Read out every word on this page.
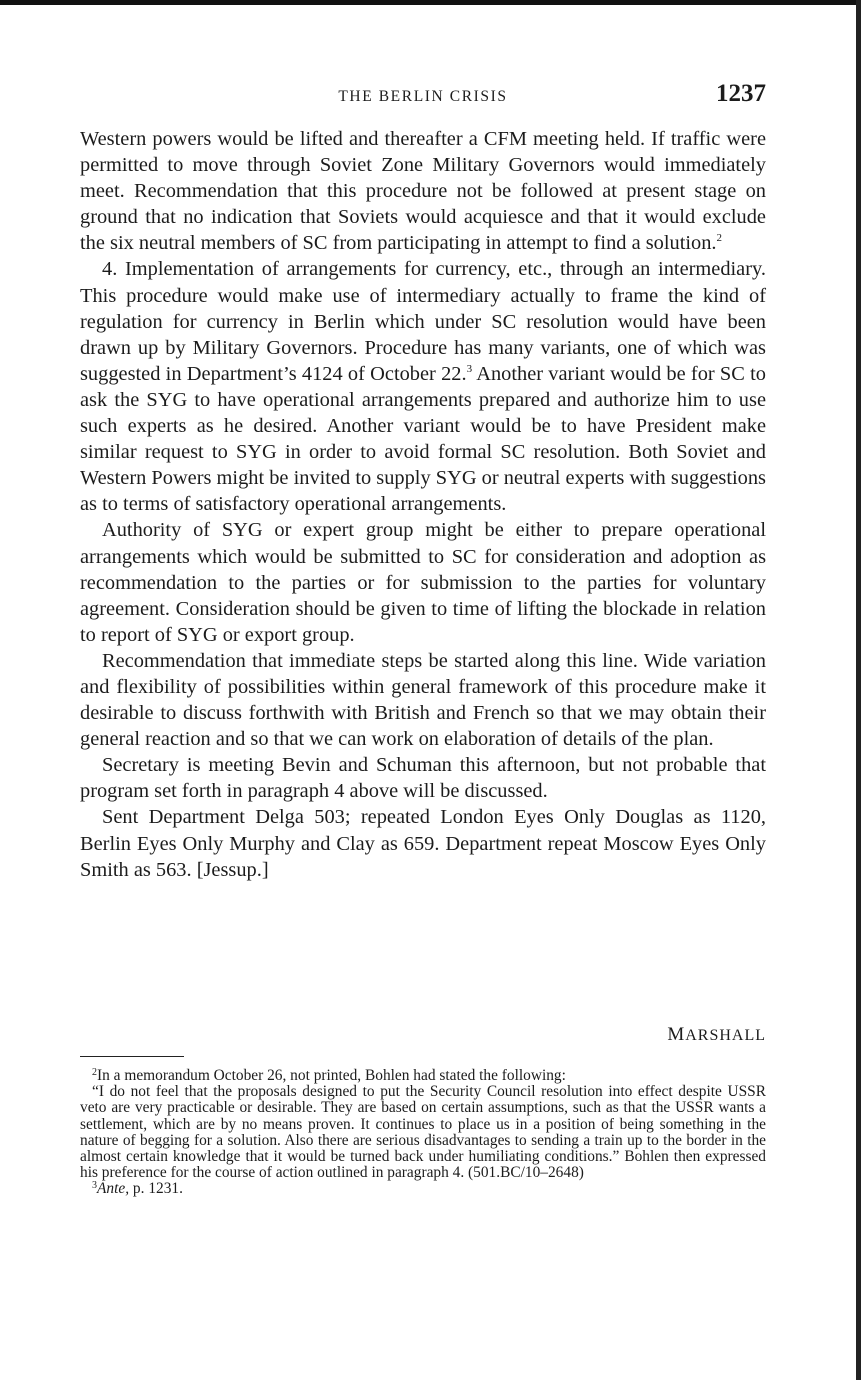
THE BERLIN CRISIS	1237

Western powers would be lifted and thereafter a CFM meeting held. If traffic were permitted to move through Soviet Zone Military Governors would immediately meet. Recommendation that this procedure not be followed at present stage on ground that no indication that Soviets would acquiesce and that it would exclude the six neutral members of SC from participating in attempt to find a solution.$^2$

4. Implementation of arrangements for currency, etc., through an intermediary. This procedure would make use of intermediary actually to frame the kind of regulation for currency in Berlin which under SC resolution would have been drawn up by Military Governors. Procedure has many variants, one of which was suggested in Department’s 4124 of October 22.$^3$ Another variant would be for SC to ask the SYG to have operational arrangements prepared and authorize him to use such experts as he desired. Another variant would be to have President make similar request to SYG in order to avoid formal SC resolution. Both Soviet and Western Powers might be invited to supply SYG or neutral experts with suggestions as to terms of satisfactory operational arrangements.

Authority of SYG or expert group might be either to prepare operational arrangements which would be submitted to SC for consideration and adoption as recommendation to the parties or for submission to the parties for voluntary agreement. Consideration should be given to time of lifting the blockade in relation to report of SYG or export group.

Recommendation that immediate steps be started along this line. Wide variation and flexibility of possibilities within general framework of this procedure make it desirable to discuss forthwith with British and French so that we may obtain their general reaction and so that we can work on elaboration of details of the plan.

Secretary is meeting Bevin and Schuman this afternoon, but not probable that program set forth in paragraph 4 above will be discussed.

Sent Department Delga 503; repeated London Eyes Only Douglas as 1120, Berlin Eyes Only Murphy and Clay as 659. Department repeat Moscow Eyes Only Smith as 563. [Jessup.]

MARSHALL

$^2$In a memorandum October 26, not printed, Bohlen had stated the following:

“I do not feel that the proposals designed to put the Security Council resolution into effect despite USSR veto are very practicable or desirable. They are based on certain assumptions, such as that the USSR wants a settlement, which are by no means proven. It continues to place us in a position of being something in the nature of begging for a solution. Also there are serious disadvantages to sending a train up to the border in the almost certain knowledge that it would be turned back under humiliating conditions.” Bohlen then expressed his preference for the course of action outlined in paragraph 4. (501.BC/10–2648)

$^3$Ante, p. 1231.
